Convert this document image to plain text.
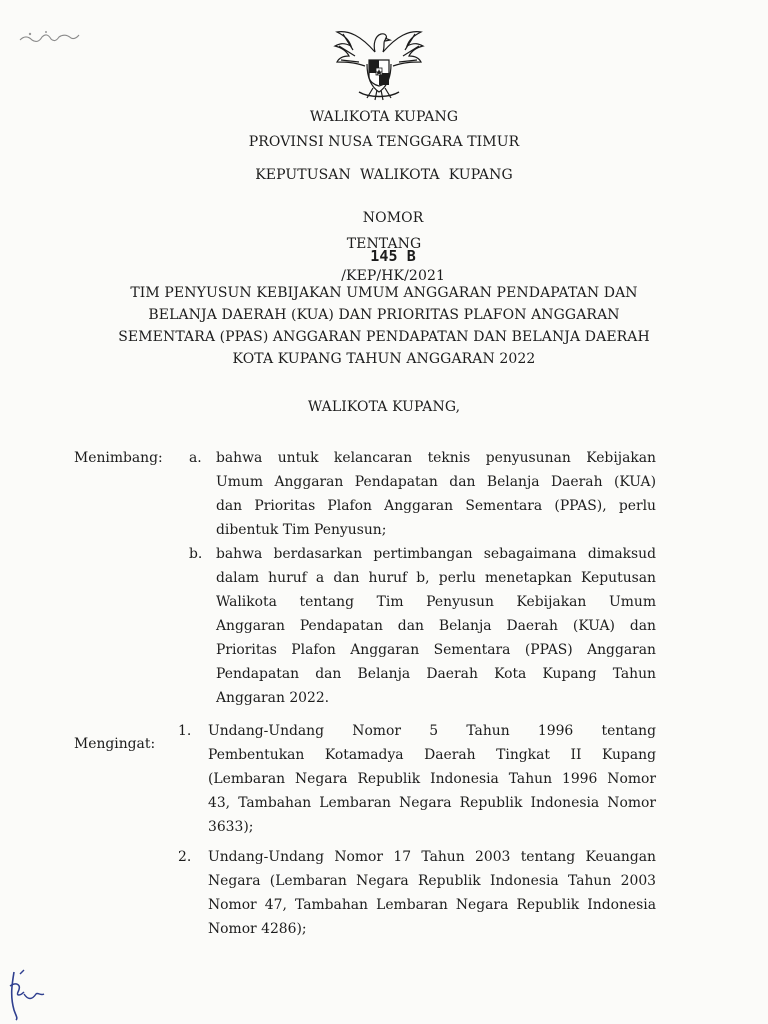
WALIKOTA KUPANG
PROVINSI NUSA TENGGARA TIMUR
KEPUTUSAN  WALIKOTA  KUPANG

NOMOR

145 B
/KEP/HK/2021

TENTANG
TIM PENYUSUN KEBIJAKAN UMUM ANGGARAN PENDAPATAN DAN
BELANJA DAERAH (KUA) DAN PRIORITAS PLAFON ANGGARAN
SEMENTARA (PPAS) ANGGARAN PENDAPATAN DAN BELANJA DAERAH
KOTA KUPANG TAHUN ANGGARAN 2022
WALIKOTA KUPANG,
Menimbang: a. bahwa untuk kelancaran teknis penyusunan Kebijakan
Umum Anggaran Pendapatan dan Belanja Daerah (KUA)
dan Prioritas Plafon Anggaran Sementara (PPAS), perlu
dibentuk Tim Penyusun;
b. bahwa berdasarkan pertimbangan sebagaimana dimaksud
dalam huruf a dan huruf b, perlu menetapkan Keputusan
Walikota tentang Tim Penyusun Kebijakan Umum
Anggaran Pendapatan dan Belanja Daerah (KUA) dan
Prioritas Plafon Anggaran Sementara (PPAS) Anggaran
Pendapatan dan Belanja Daerah Kota Kupang Tahun
Anggaran 2022.
Mengingat:
1. Undang-Undang Nomor 5 Tahun 1996 tentang
Pembentukan Kotamadya Daerah Tingkat II Kupang
(Lembaran Negara Republik Indonesia Tahun 1996 Nomor
43, Tambahan Lembaran Negara Republik Indonesia Nomor
3633);
2. Undang-Undang Nomor 17 Tahun 2003 tentang Keuangan
Negara (Lembaran Negara Republik Indonesia Tahun 2003
Nomor 47, Tambahan Lembaran Negara Republik Indonesia
Nomor 4286);
